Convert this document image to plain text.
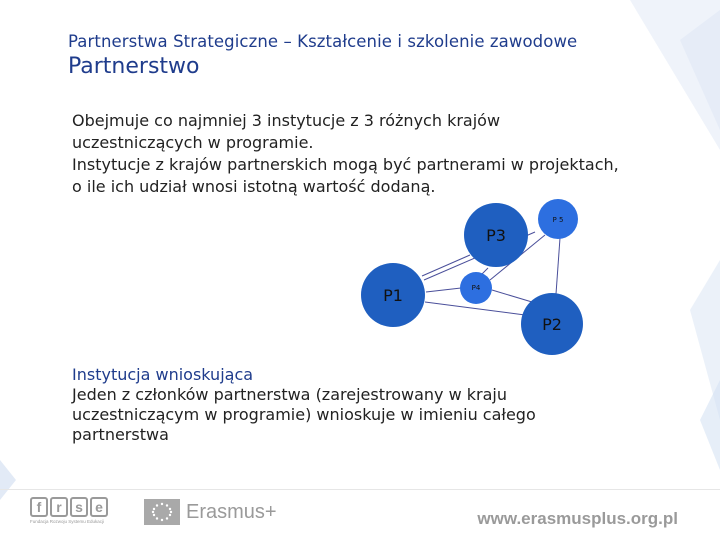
Partnerstwa Strategiczne – Kształcenie i szkolenie zawodowe
Partnerstwo
Obejmuje co najmniej 3 instytucje z 3 różnych krajów
uczestniczących w programie.
Instytucje z krajów partnerskich mogą być partnerami w projektach,
o ile ich udział wnosi istotną wartość dodaną.
P3
P 5
P1	P4
P2
Instytucja wnioskująca
Jeden z członków partnerstwa (zarejestrowany w kraju
uczestniczącym w programie) wnioskuje w imieniu całego
partnerstwa
f	r s e
Fundacja Rozwoju Systemu Edukacji	Erasmus+	www.erasmusplus.org.pl
